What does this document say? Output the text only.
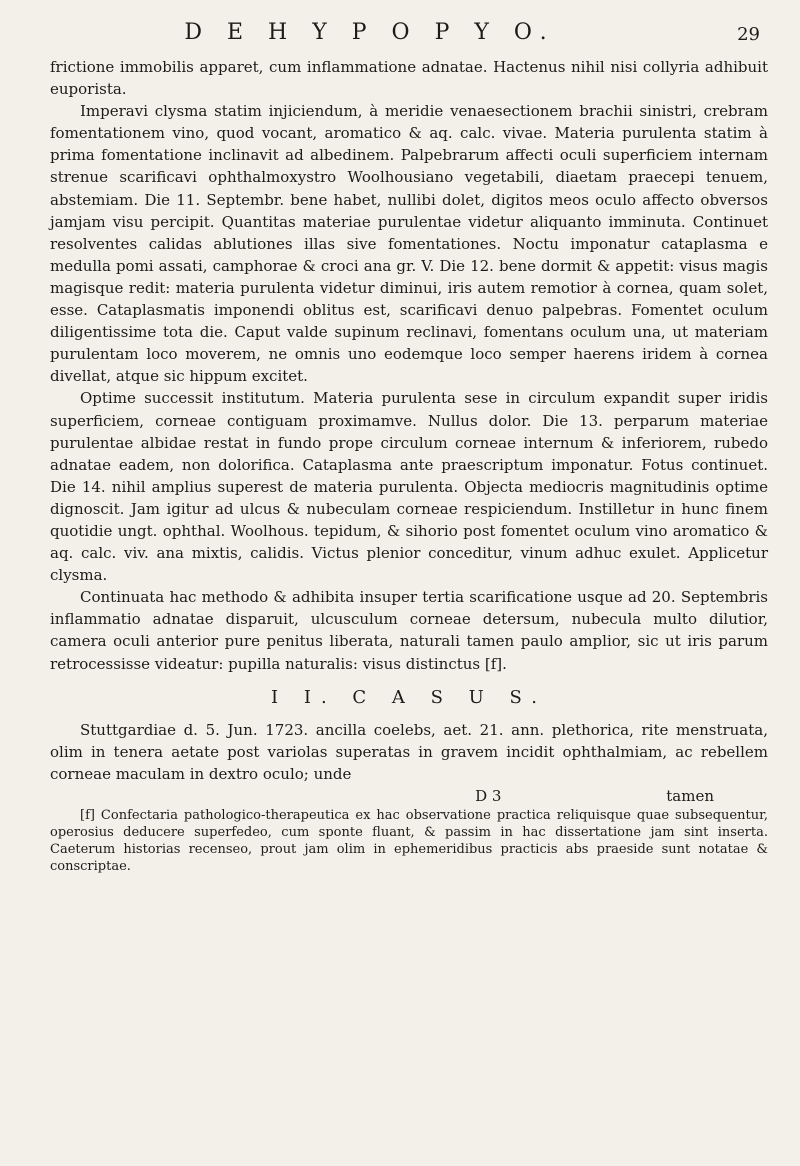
D E H Y P O P Y O.	29

frictione immobilis apparet, cum inflammatione adnatae. Hactenus nihil nisi collyria adhibuit euporista.

Imperavi clysma statim injiciendum, à meridie venaesectionem brachii sinistri, crebram fomentationem vino, quod vocant, aromatico & aq. calc. vivae. Materia purulenta statim à prima fomentatione inclinavit ad albedinem. Palpebrarum affecti oculi superficiem internam strenue scarificavi ophthalmoxystro Woolhousiano vegetabili, diaetam praecepi tenuem, abstemiam. Die 11. Septembr. bene habet, nullibi dolet, digitos meos oculo affecto obversos jamjam visu percipit. Quantitas materiae purulentae videtur aliquanto imminuta. Continuet resolventes calidas ablutiones illas sive fomentationes. Noctu imponatur cataplasma e medulla pomi assati, camphorae & croci ana gr. V. Die 12. bene dormit & appetit: visus magis magisque redit: materia purulenta videtur diminui, iris autem remotior à cornea, quam solet, esse. Cataplasmatis imponendi oblitus est, scarificavi denuo palpebras. Fomentet oculum diligentissime tota die. Caput valde supinum reclinavi, fomentans oculum una, ut materiam purulentam loco moverem, ne omnis uno eodemque loco semper haerens iridem à cornea divellat, atque sic hippum excitet.

Optime successit institutum. Materia purulenta sese in circulum expandit super iridis superficiem, corneae contiguam proximamve. Nullus dolor. Die 13. perparum materiae purulentae albidae restat in fundo prope circulum corneae internum & inferiorem, rubedo adnatae eadem, non dolorifica. Cataplasma ante praescriptum imponatur. Fotus continuet. Die 14. nihil amplius superest de materia purulenta. Objecta mediocris magnitudinis optime dignoscit. Jam igitur ad ulcus & nubeculam corneae respiciendum. Instilletur in hunc finem quotidie ungt. ophthal. Woolhous. tepidum, & sihorio post fomentet oculum vino aromatico & aq. calc. viv. ana mixtis, calidis. Victus plenior conceditur, vinum adhuc exulet. Applicetur clysma.

Continuata hac methodo & adhibita insuper tertia scarificatione usque ad 20. Septembris inflammatio adnatae disparuit, ulcusculum corneae detersum, nubecula multo dilutior, camera oculi anterior pure penitus liberata, naturali tamen paulo amplior, sic ut iris parum retrocessisse videatur: pupilla naturalis: visus distinctus [f].

I I. C A S U S.

Stuttgardiae d. 5. Jun. 1723. ancilla coelebs, aet. 21. ann. plethorica, rite menstruata, olim in tenera aetate post variolas superatas in gravem incidit ophthalmiam, ac rebellem corneae maculam in dextro oculo; unde

D 3	tamen

[f] Confectaria pathologico-therapeutica ex hac observatione practica reliquisque quae subsequentur, operosius deducere superfedeo, cum sponte fluant, & passim in hac dissertatione jam sint inserta. Caeterum historias recenseo, prout jam olim in ephemeridibus practicis abs praeside sunt notatae & conscriptae.
